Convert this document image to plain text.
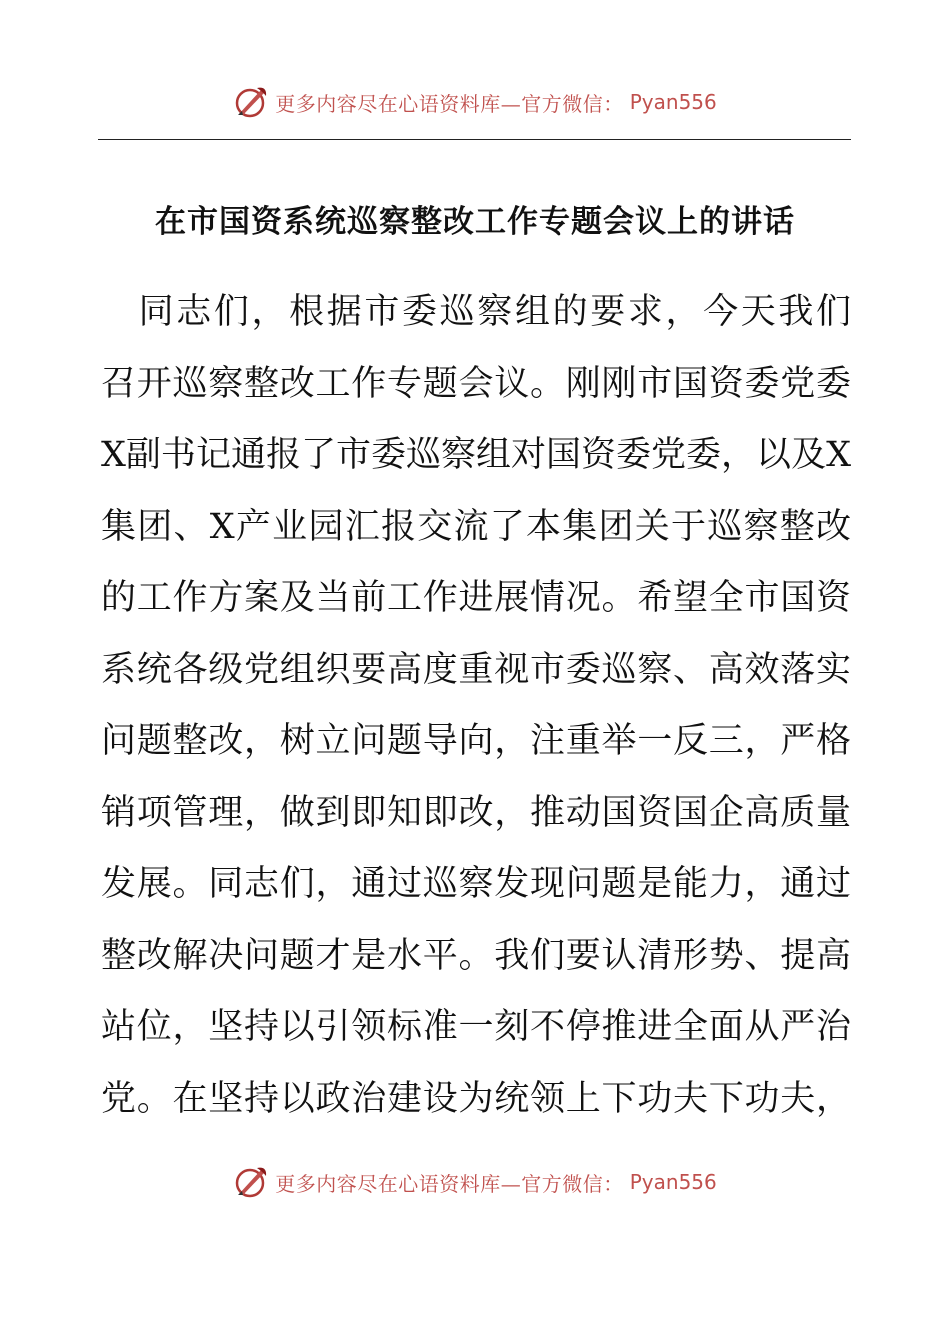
更多内容尽在心语资料库—官方微信： Pyan556
在市国资系统巡察整改工作专题会议上的讲话
　同志们，根据市委巡察组的要求，今天我们
召开巡察整改工作专题会议。刚刚市国资委党委
X副书记通报了市委巡察组对国资委党委，以及X
集团、X产业园汇报交流了本集团关于巡察整改
的工作方案及当前工作进展情况。希望全市国资
系统各级党组织要高度重视市委巡察、高效落实
问题整改，树立问题导向，注重举一反三，严格
销项管理，做到即知即改，推动国资国企高质量
发展。同志们，通过巡察发现问题是能力，通过
整改解决问题才是水平。我们要认清形势、提高
站位，坚持以引领标准一刻不停推进全面从严治
党。在坚持以政治建设为统领上下功夫下功夫，
更多内容尽在心语资料库—官方微信： Pyan556
